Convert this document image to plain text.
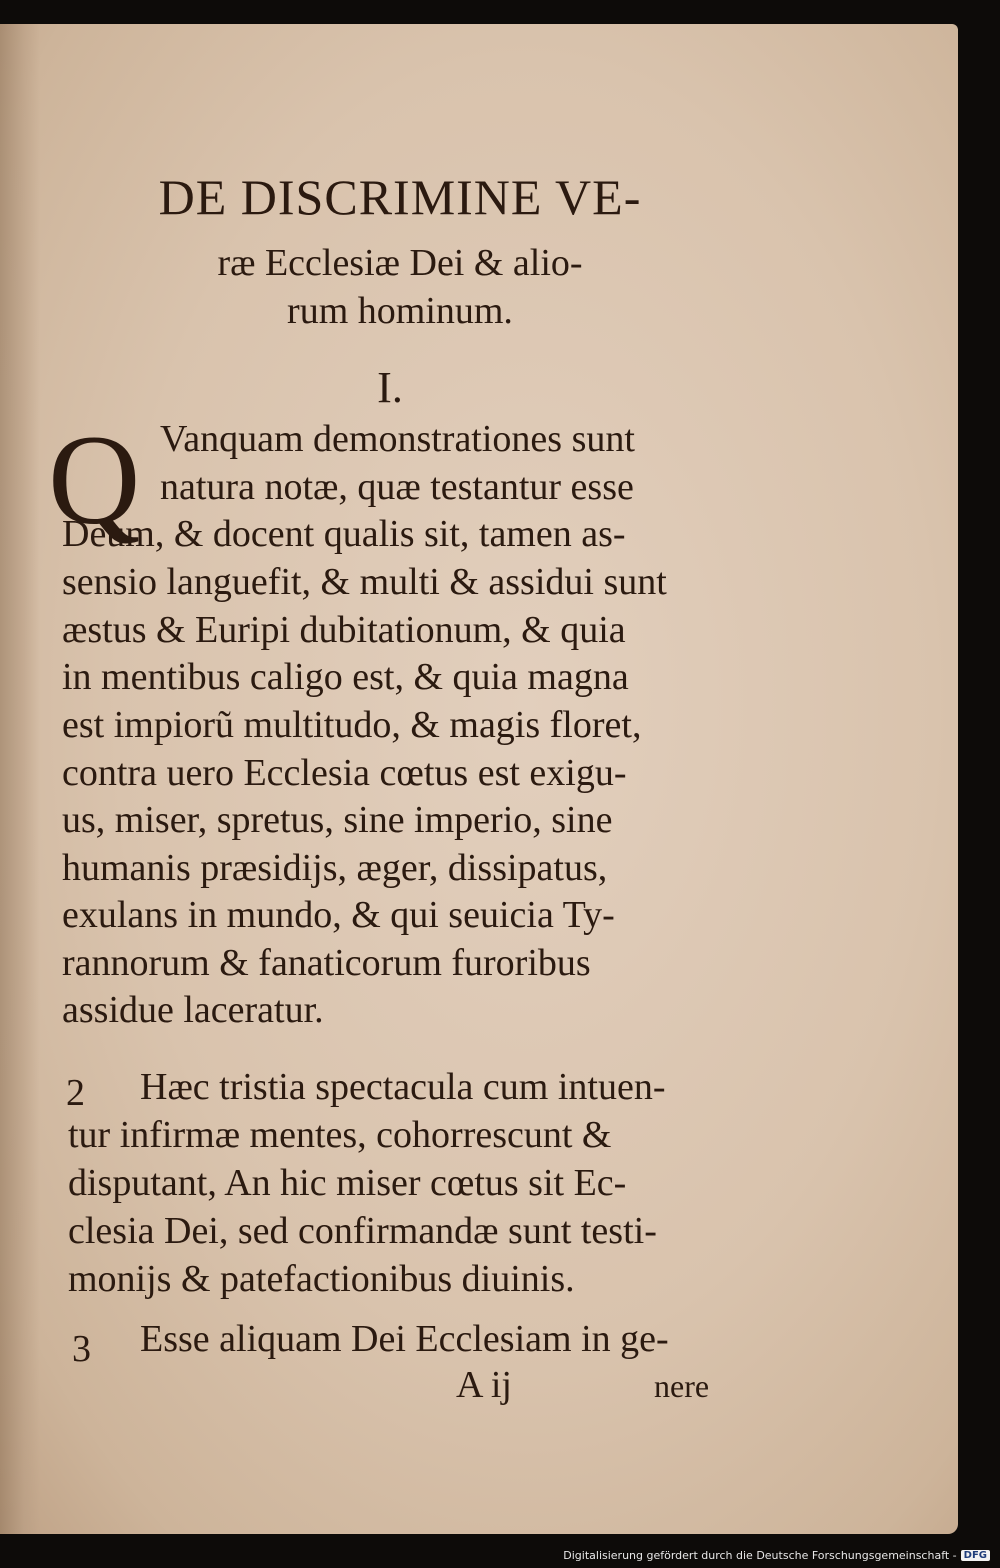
DE DISCRIMINE VE-
ræ Ecclesiæ Dei & alio-
rum hominum.
I.
Q Vanquam demonstrationes sunt
natura notæ, quæ testantur esse
Deum, & docent qualis sit, tamen as-
sensio languefit, & multi & assidui sunt
æstus & Euripi dubitationum, & quia
in mentibus caligo est, & quia magna
est impiorũ multitudo, & magis floret,
contra uero Ecclesia cœtus est exigu-
us, miser, spretus, sine imperio, sine
humanis præsidijs, æger, dissipatus,
exulans in mundo, & qui seuicia Ty-
rannorum & fanaticorum furoribus
assidue laceratur.
2 Hæc tristia spectacula cum intuen-
tur infirmæ mentes, cohorrescunt &
disputant, An hic miser cœtus sit Ec-
clesia Dei, sed confirmandæ sunt testi-
monijs & patefactionibus diuinis.
3 Esse aliquam Dei Ecclesiam in ge-
A ij	nere
Digitalisierung gefördert durch die Deutsche Forschungsgemeinschaft - DFG
